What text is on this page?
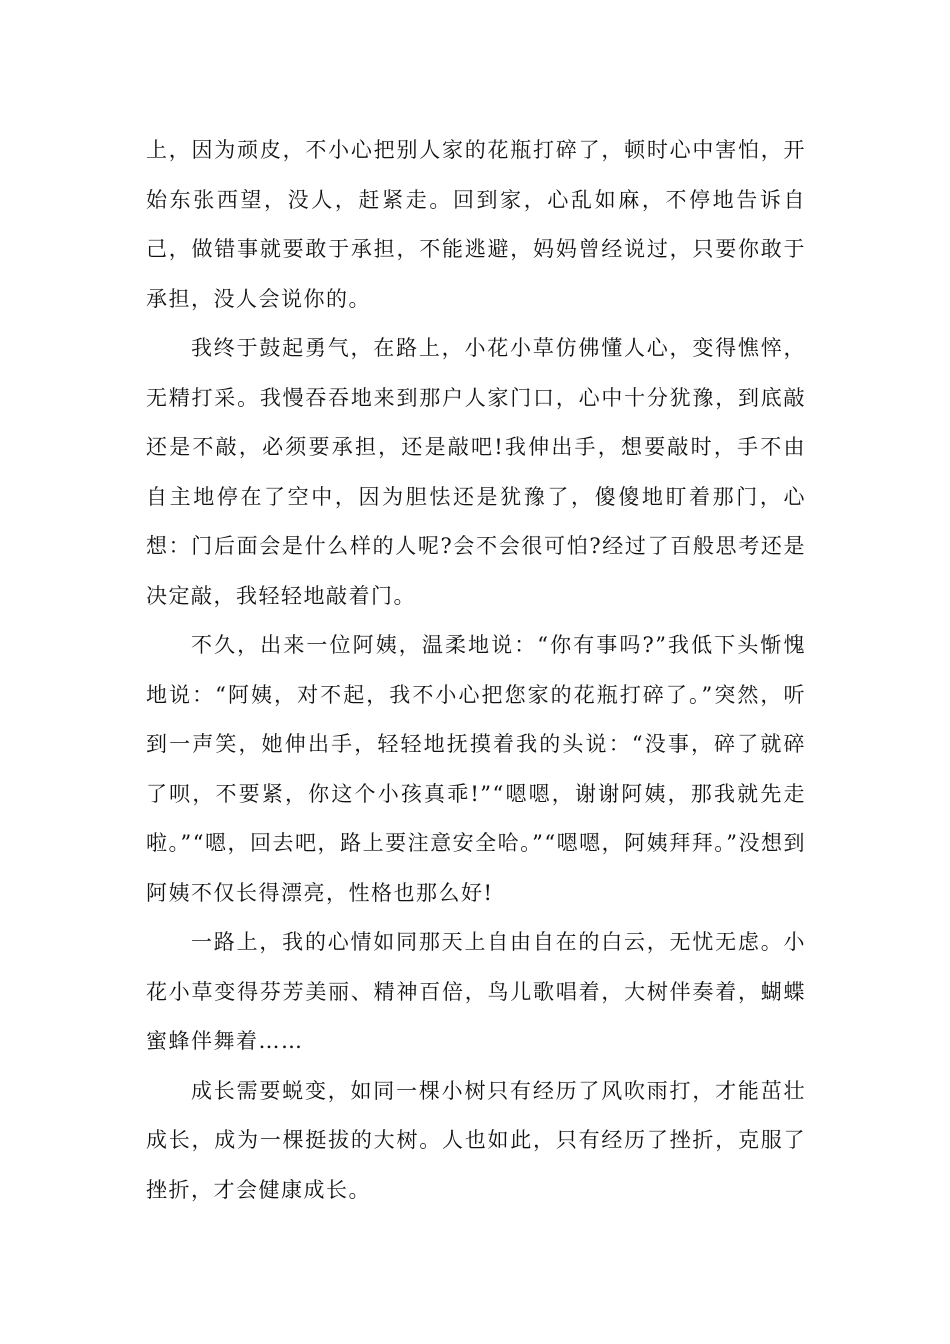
上，因为顽皮，不小心把别人家的花瓶打碎了，顿时心中害怕，开始东张西望，没人，赶紧走。回到家，心乱如麻，不停地告诉自己，做错事就要敢于承担，不能逃避，妈妈曾经说过，只要你敢于承担，没人会说你的。

我终于鼓起勇气，在路上，小花小草仿佛懂人心，变得憔悴，无精打采。我慢吞吞地来到那户人家门口，心中十分犹豫，到底敲还是不敲，必须要承担，还是敲吧!我伸出手，想要敲时，手不由自主地停在了空中，因为胆怯还是犹豫了，傻傻地盯着那门，心想：门后面会是什么样的人呢?会不会很可怕?经过了百般思考还是决定敲，我轻轻地敲着门。

不久，出来一位阿姨，温柔地说：“你有事吗?”我低下头惭愧地说：“阿姨，对不起，我不小心把您家的花瓶打碎了。”突然，听到一声笑，她伸出手，轻轻地抚摸着我的头说：“没事，碎了就碎了呗，不要紧，你这个小孩真乖!”“嗯嗯，谢谢阿姨，那我就先走啦。”“嗯，回去吧，路上要注意安全哈。”“嗯嗯，阿姨拜拜。”没想到阿姨不仅长得漂亮，性格也那么好!

一路上，我的心情如同那天上自由自在的白云，无忧无虑。小花小草变得芬芳美丽、精神百倍，鸟儿歌唱着，大树伴奏着，蝴蝶蜜蜂伴舞着……

成长需要蜕变，如同一棵小树只有经历了风吹雨打，才能茁壮成长，成为一棵挺拔的大树。人也如此，只有经历了挫折，克服了挫折，才会健康成长。
